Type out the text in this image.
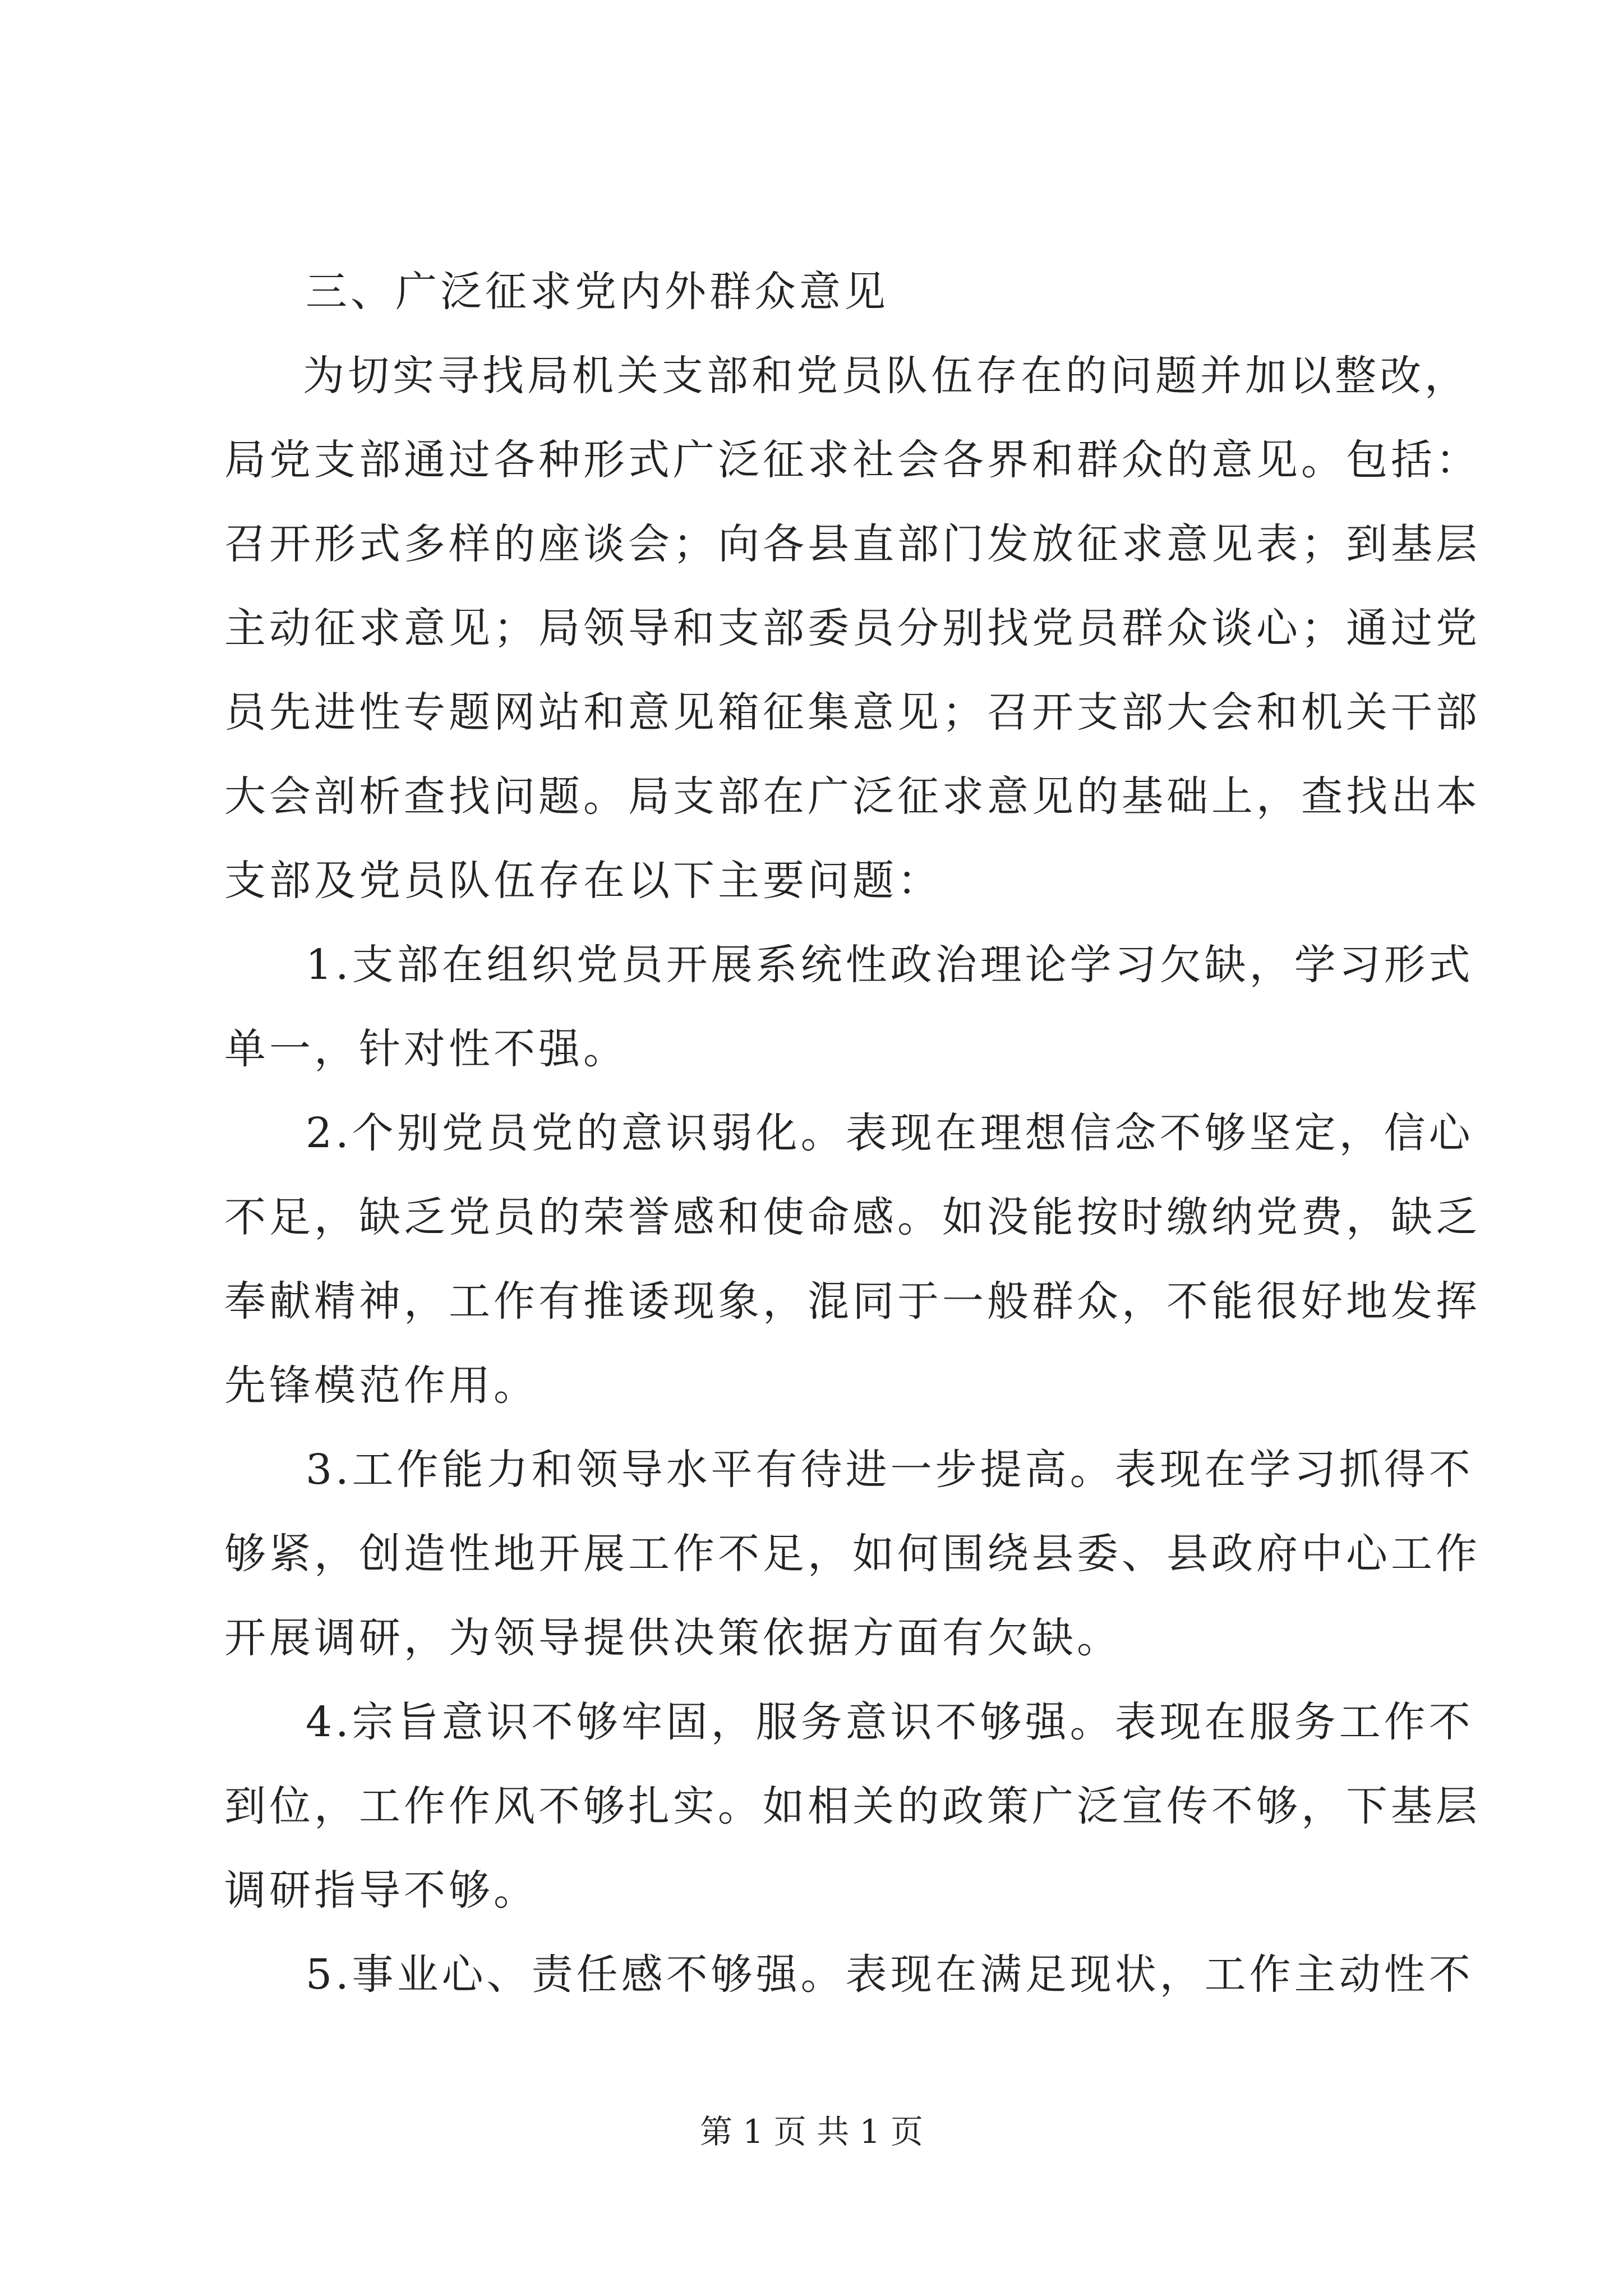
三、广泛征求党内外群众意见
为切实寻找局机关支部和党员队伍存在的问题并加以整改，
局党支部通过各种形式广泛征求社会各界和群众的意见。包括：
召开形式多样的座谈会；向各县直部门发放征求意见表；到基层
主动征求意见；局领导和支部委员分别找党员群众谈心；通过党
员先进性专题网站和意见箱征集意见；召开支部大会和机关干部
大会剖析查找问题。局支部在广泛征求意见的基础上，查找出本
支部及党员队伍存在以下主要问题：
1.支部在组织党员开展系统性政治理论学习欠缺，学习形式
单一，针对性不强。
2.个别党员党的意识弱化。表现在理想信念不够坚定，信心
不足，缺乏党员的荣誉感和使命感。如没能按时缴纳党费，缺乏
奉献精神，工作有推诿现象，混同于一般群众，不能很好地发挥
先锋模范作用。
3.工作能力和领导水平有待进一步提高。表现在学习抓得不
够紧，创造性地开展工作不足，如何围绕县委、县政府中心工作
开展调研，为领导提供决策依据方面有欠缺。
4.宗旨意识不够牢固，服务意识不够强。表现在服务工作不
到位，工作作风不够扎实。如相关的政策广泛宣传不够，下基层
调研指导不够。
5.事业心、责任感不够强。表现在满足现状，工作主动性不
第 1 页 共 1 页
